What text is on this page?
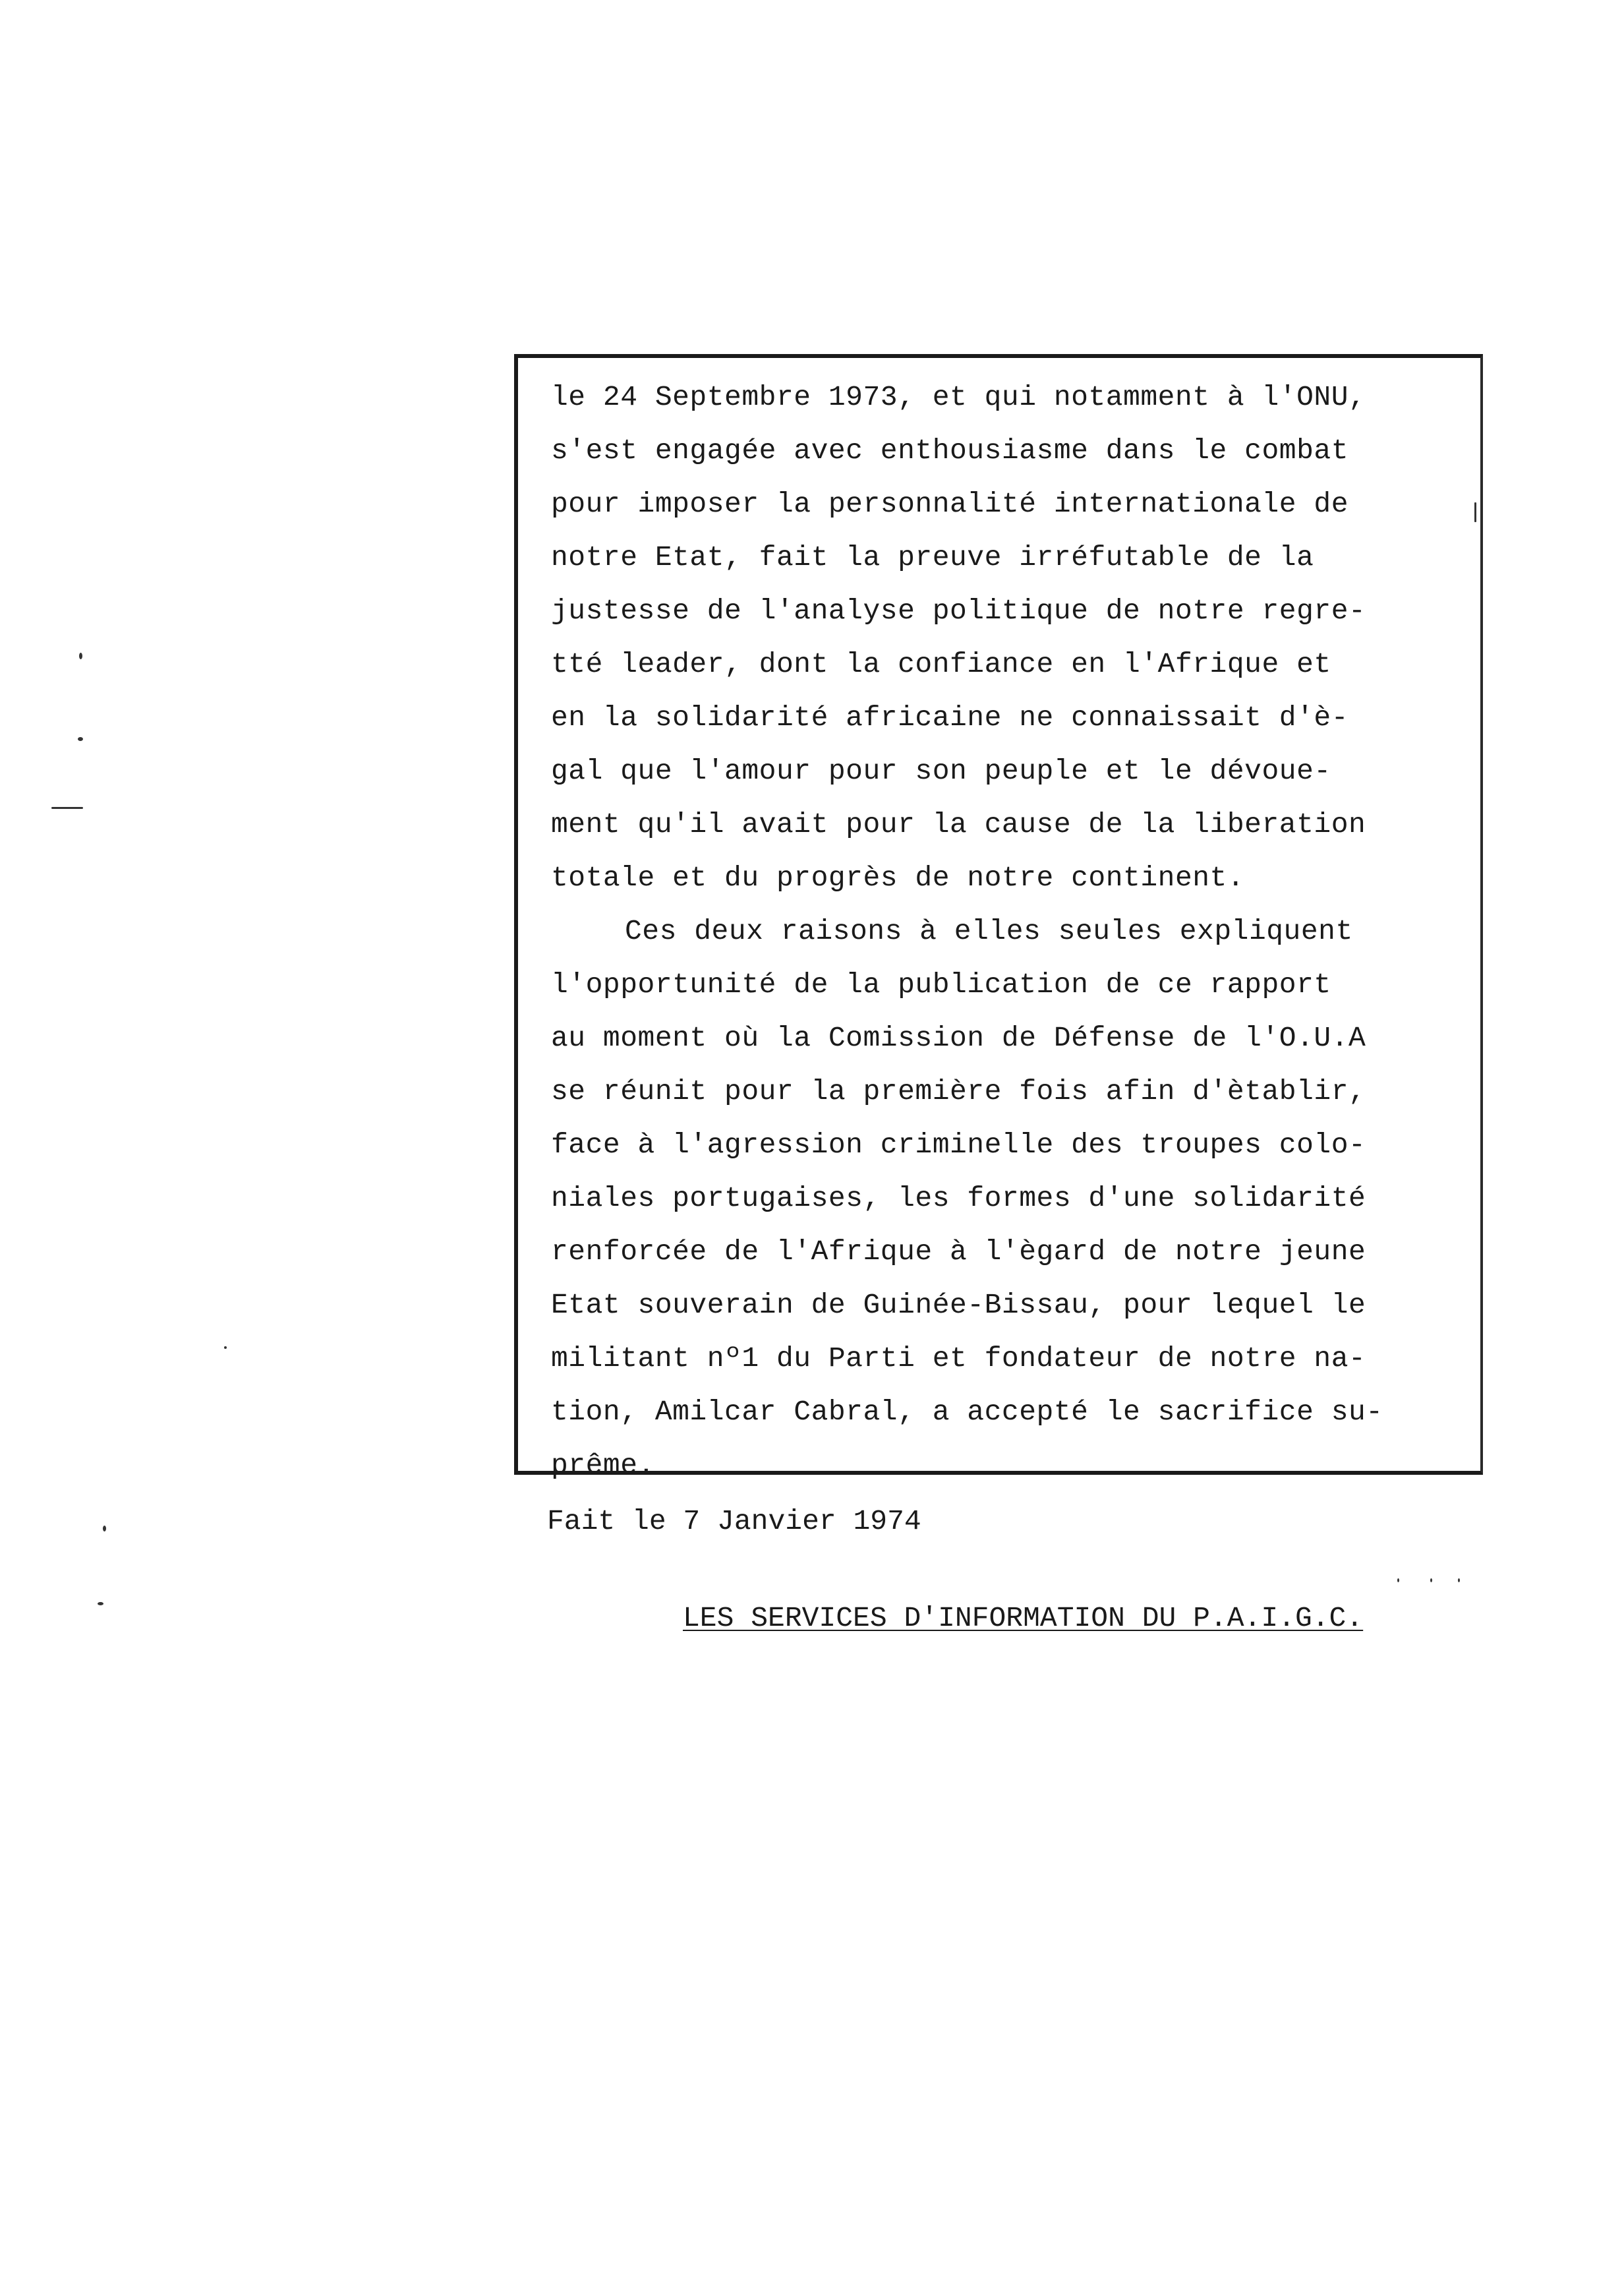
le 24 Septembre 1973, et qui notamment à l'ONU,
s'est engagée avec enthousiasme dans le combat
pour imposer la personnalité internationale de
notre Etat, fait la preuve irréfutable de la
justesse de l'analyse politique de notre regre-
tté leader, dont la confiance en l'Afrique et
en la solidarité africaine ne connaissait d'è-
gal que l'amour pour son peuple et le dévoue-
ment qu'il avait pour la cause de la liberation
totale et du progrès de notre continent.
Ces deux raisons à elles seules expliquent
l'opportunité de la publication de ce rapport
au moment où la Comission de Défense de l'O.U.A
se réunit pour la première fois afin d'ètablir,
face à l'agression criminelle des troupes colo-
niales portugaises, les formes d'une solidarité
renforcée de l'Afrique à l'ègard de notre jeune
Etat souverain de Guinée-Bissau, pour lequel le
militant nº1 du Parti et fondateur de notre na-
tion, Amilcar Cabral, a accepté le sacrifice su-
prême.
Fait le 7 Janvier 1974
LES SERVICES D'INFORMATION DU P.A.I.G.C.
